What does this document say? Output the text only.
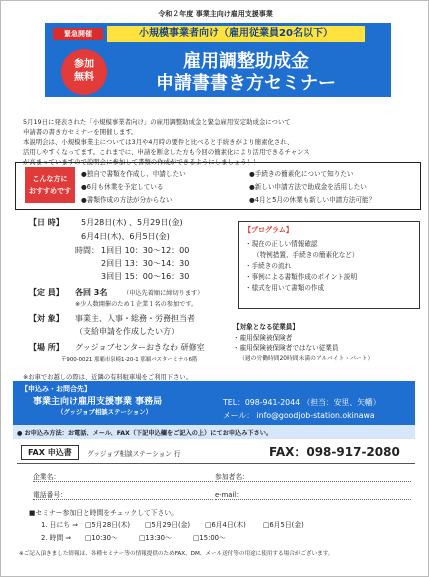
令和２年度 事業主向け雇用支援事業
緊急開催	小規模事業者向け（雇用従業員20名以下）
参加
無料
雇用調整助成金
申請書書き方セミナー

5月19日に発表された「小規模事業者向け」の雇用調整助成金と緊急雇用安定助成金について

申請書の書き方セミナーを開催します。

本説明会は、小規模事業主については3月や4月時の要件と比べると手続きがより簡素化され、

活用しやすくなってます。これまでに、申請を断念した方も今回の簡素化により活用できるチャンス

が高まっていますので説明会に参加して書類の作成ができるようにしましょう！！

こんな方に
おすすめです
●独自で書類を作成し、申請したい
●6月も休業を予定している
●書類作成の方法が分からない
●手続きの簡素化について知りたい
●新しい申請方法で助成金を活用したい
●4月と5月の休業も新しい申請方法可能？
【日 時】 5月28日(木) 、5月29日(金)
6月4日(木)、6月5日(金)
時間： 1回目 10：30～12：00
2回目 13：30～14：30
3回目 15：00～16：30
【定 員】 各回 3名	（申込先着順に締切ります）
※少人数開催のため１企業１名の参加です。
【対 象】 事業主、人事・総務・労務担当者
（支給申請を作成したい方）
【場 所】 グッジョブセンターおきなわ 研修室
〒900-0021 那覇市泉崎1-20-1 那覇バスターミナル6階
【プログラム】

・現在の正しい情報確認

（特例措置、手続きの簡素化など）

・手続きの流れ

・事例による書類作成のポイント説明

・様式を用いて書類の作成

【対象となる従業員】

・雇用保険被保険者

・雇用保険被保険者ではない従業員

（週の労働時間20時間未満のアルバイト・パート）

※お車でお越しの際は、近隣の有料駐車場をご利用下さい。
【申込み・お問合先】
事業主向け雇用支援事業 事務局
（グッジョブ相談ステーション）
TEL：098-941-2044 （担当：安里、矢幡）
メール： info@goodjob-station.okinawa
● お申込み方法：お電話、メール、FAX（下記申込欄をご記入の上）にてお申込み下さい。
FAX 申込書	グッジョブ相談ステーション 行	FAX：098-917-2080
企業名：	参加者名：
電話番号：	e-mail：
■セミナー参加日と時間をチェックして下さい。
1. 日にち ⇒ □5月28日(木) □5月29日(金) □6月4日(木)	□6月5日(金)
2. 時間 ⇒ □10:30～	□13:30～	□15:00～
※ご記入頂きました情報は、各種セミナー等の情報提供のためFAX、DM、メール送付等の用途に使用する場合がございます。
